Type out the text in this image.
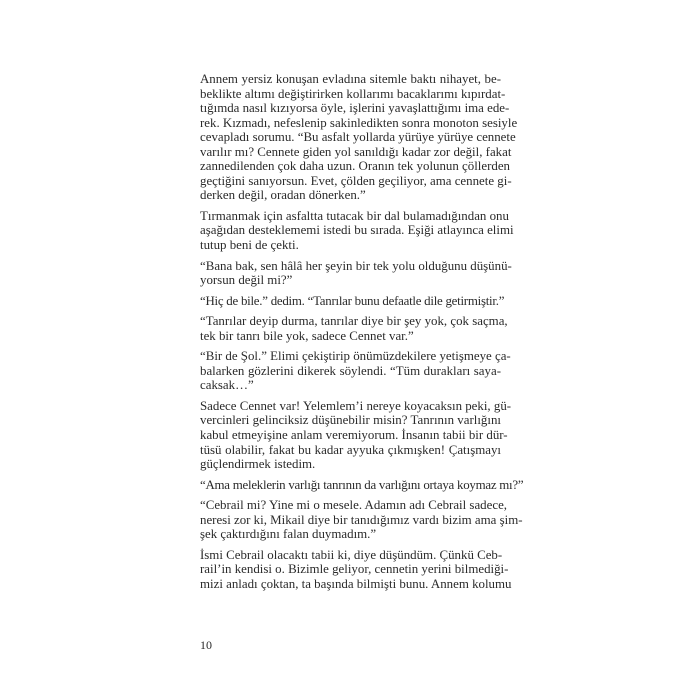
Annem yersiz konuşan evladına sitemle baktı nihayet, be-
beklikte altımı değiştirirken kollarımı bacaklarımı kıpırdat-
tığımda nasıl kızıyorsa öyle, işlerini yavaşlattığımı ima ede-
rek. Kızmadı, nefeslenip sakinledikten sonra monoton sesiyle
cevapladı sorumu. “Bu asfalt yollarda yürüye yürüye cennete
varılır mı? Cennete giden yol sanıldığı kadar zor değil, fakat
zannedilenden çok daha uzun. Oranın tek yolunun çöllerden
geçtiğini sanıyorsun. Evet, çölden geçiliyor, ama cennete gi-
derken değil, oradan dönerken.”
Tırmanmak için asfaltta tutacak bir dal bulamadığından onu
aşağıdan desteklememi istedi bu sırada. Eşiği atlayınca elimi
tutup beni de çekti.
“Bana bak, sen hâlâ her şeyin bir tek yolu olduğunu düşünü-
yorsun değil mi?”
“Hiç de bile.” dedim. “Tanrılar bunu defaatle dile getirmiştir.”
“Tanrılar deyip durma, tanrılar diye bir şey yok, çok saçma,
tek bir tanrı bile yok, sadece Cennet var.”
“Bir de Şol.” Elimi çekiştirip önümüzdekilere yetişmeye ça-
balarken gözlerini dikerek söylendi. “Tüm durakları saya-
caksak…”
Sadece Cennet var! Yelemlem’i nereye koyacaksın peki, gü-
vercinleri gelinciksiz düşünebilir misin? Tanrının varlığını
kabul etmeyişine anlam veremiyorum. İnsanın tabii bir dür-
tüsü olabilir, fakat bu kadar ayyuka çıkmışken! Çatışmayı
güçlendirmek istedim.
“Ama meleklerin varlığı tanrının da varlığını ortaya koymaz mı?”
“Cebrail mi? Yine mi o mesele. Adamın adı Cebrail sadece,
neresi zor ki, Mikail diye bir tanıdığımız vardı bizim ama şim-
şek çaktırdığını falan duymadım.”
İsmi Cebrail olacaktı tabii ki, diye düşündüm. Çünkü Ceb-
rail’in kendisi o. Bizimle geliyor, cennetin yerini bilmediği-
mizi anladı çoktan, ta başında bilmişti bunu. Annem kolumu
10
